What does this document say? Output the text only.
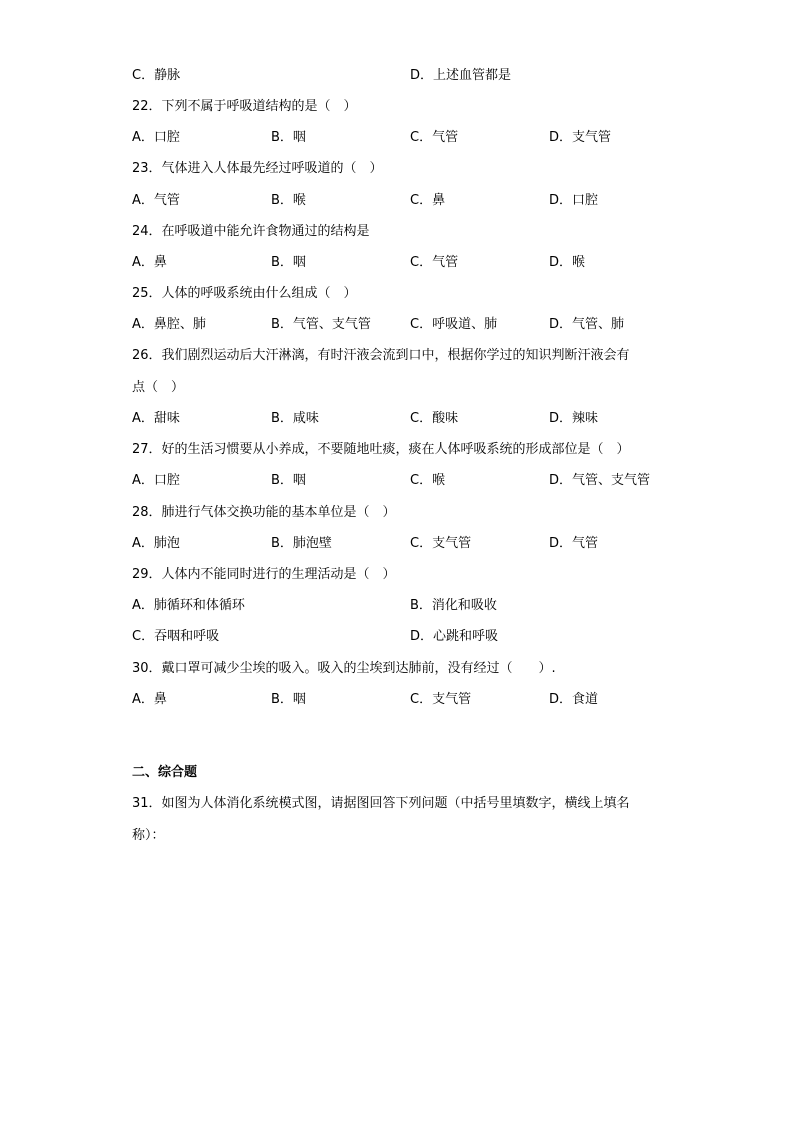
C．静脉	D．上述血管都是
22．下列不属于呼吸道结构的是（　）
A．口腔	B．咽	C．气管	D．支气管
23．气体进入人体最先经过呼吸道的（　）
A．气管	B．喉	C．鼻	D．口腔
24．在呼吸道中能允许食物通过的结构是
A．鼻	B．咽	C．气管	D．喉
25．人体的呼吸系统由什么组成（　）
A．鼻腔、肺	B．气管、支气管	C．呼吸道、肺	D．气管、肺
26．我们剧烈运动后大汗淋漓，有时汗液会流到口中，根据你学过的知识判断汗液会有
点（　）
A．甜味	B．咸味	C．酸味	D．辣味
27．好的生活习惯要从小养成，不要随地吐痰，痰在人体呼吸系统的形成部位是（　）
A．口腔	B．咽	C．喉	D．气管、支气管
28．肺进行气体交换功能的基本单位是（　）
A．肺泡	B．肺泡壁	C．支气管	D．气管
29．人体内不能同时进行的生理活动是（　）
A．肺循环和体循环	B．消化和吸收
C．吞咽和呼吸	D．心跳和呼吸
30．戴口罩可减少尘埃的吸入。吸入的尘埃到达肺前，没有经过（　　）.
A．鼻	B．咽	C．支气管	D．食道
二、综合题
31．如图为人体消化系统模式图，请据图回答下列问题（中括号里填数字，横线上填名
称）：
